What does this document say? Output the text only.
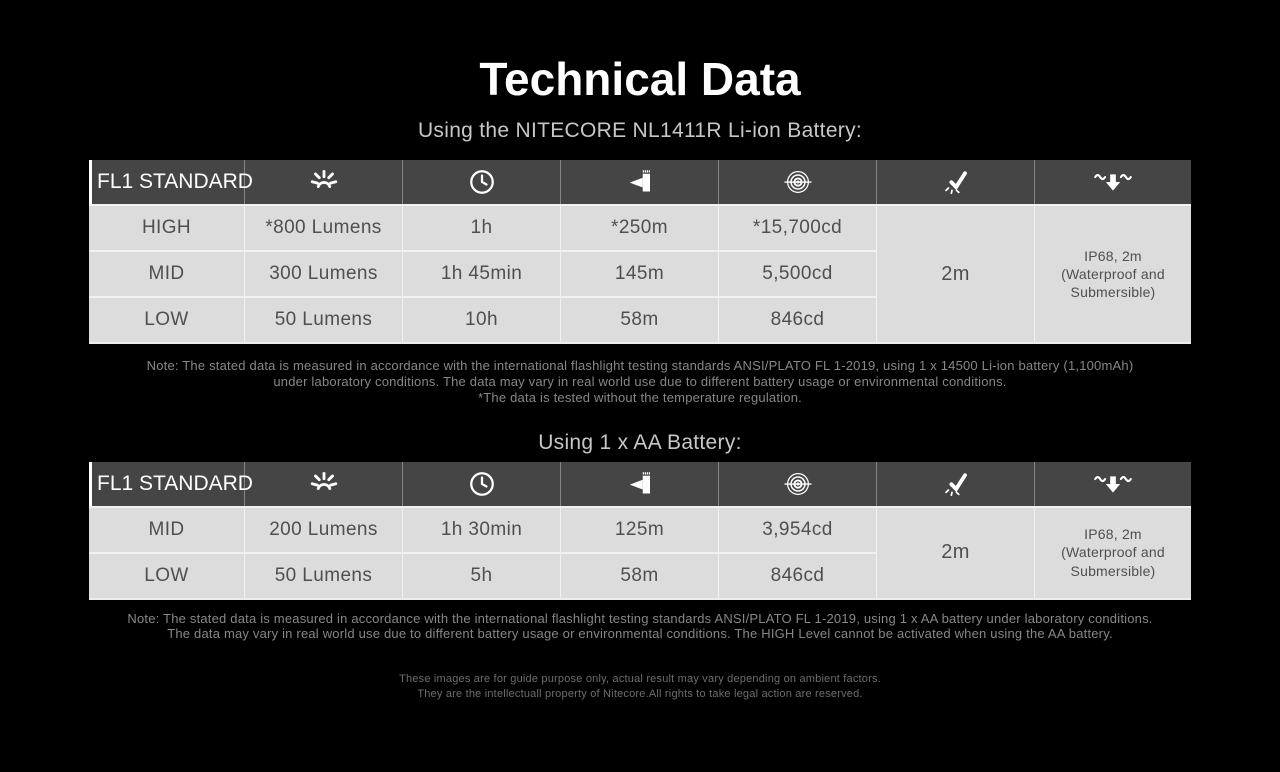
Technical Data
Using the NITECORE NL1411R Li-ion Battery:
FL1 STANDARD						
HIGH	*800 Lumens	1h	*250m	*15,700cd	2m	IP68, 2m
(Waterproof and Submersible)

MID	300 Lumens	1h 45min	145m	5,500cd		
LOW	50 Lumens	10h	58m	846cd		
Note: The stated data is measured in accordance with the international flashlight testing standards ANSI/PLATO FL 1-2019, using 1 x 14500 Li-ion battery (1,100mAh)
under laboratory conditions. The data may vary in real world use due to different battery usage or environmental conditions.
*The data is tested without the temperature regulation.
Using 1 x AA Battery:
FL1 STANDARD						
MID	200 Lumens	1h 30min	125m	3,954cd	2m	IP68, 2m
(Waterproof and Submersible)

LOW	50 Lumens	5h	58m	846cd		
Note: The stated data is measured in accordance with the international flashlight testing standards ANSI/PLATO FL 1-2019, using 1 x AA battery under laboratory conditions.
The data may vary in real world use due to different battery usage or environmental conditions. The HIGH Level cannot be activated when using the AA battery.
These images are for guide purpose only, actual result may vary depending on ambient factors.
They are the intellectuall property of Nitecore.All rights to take legal action are reserved.
